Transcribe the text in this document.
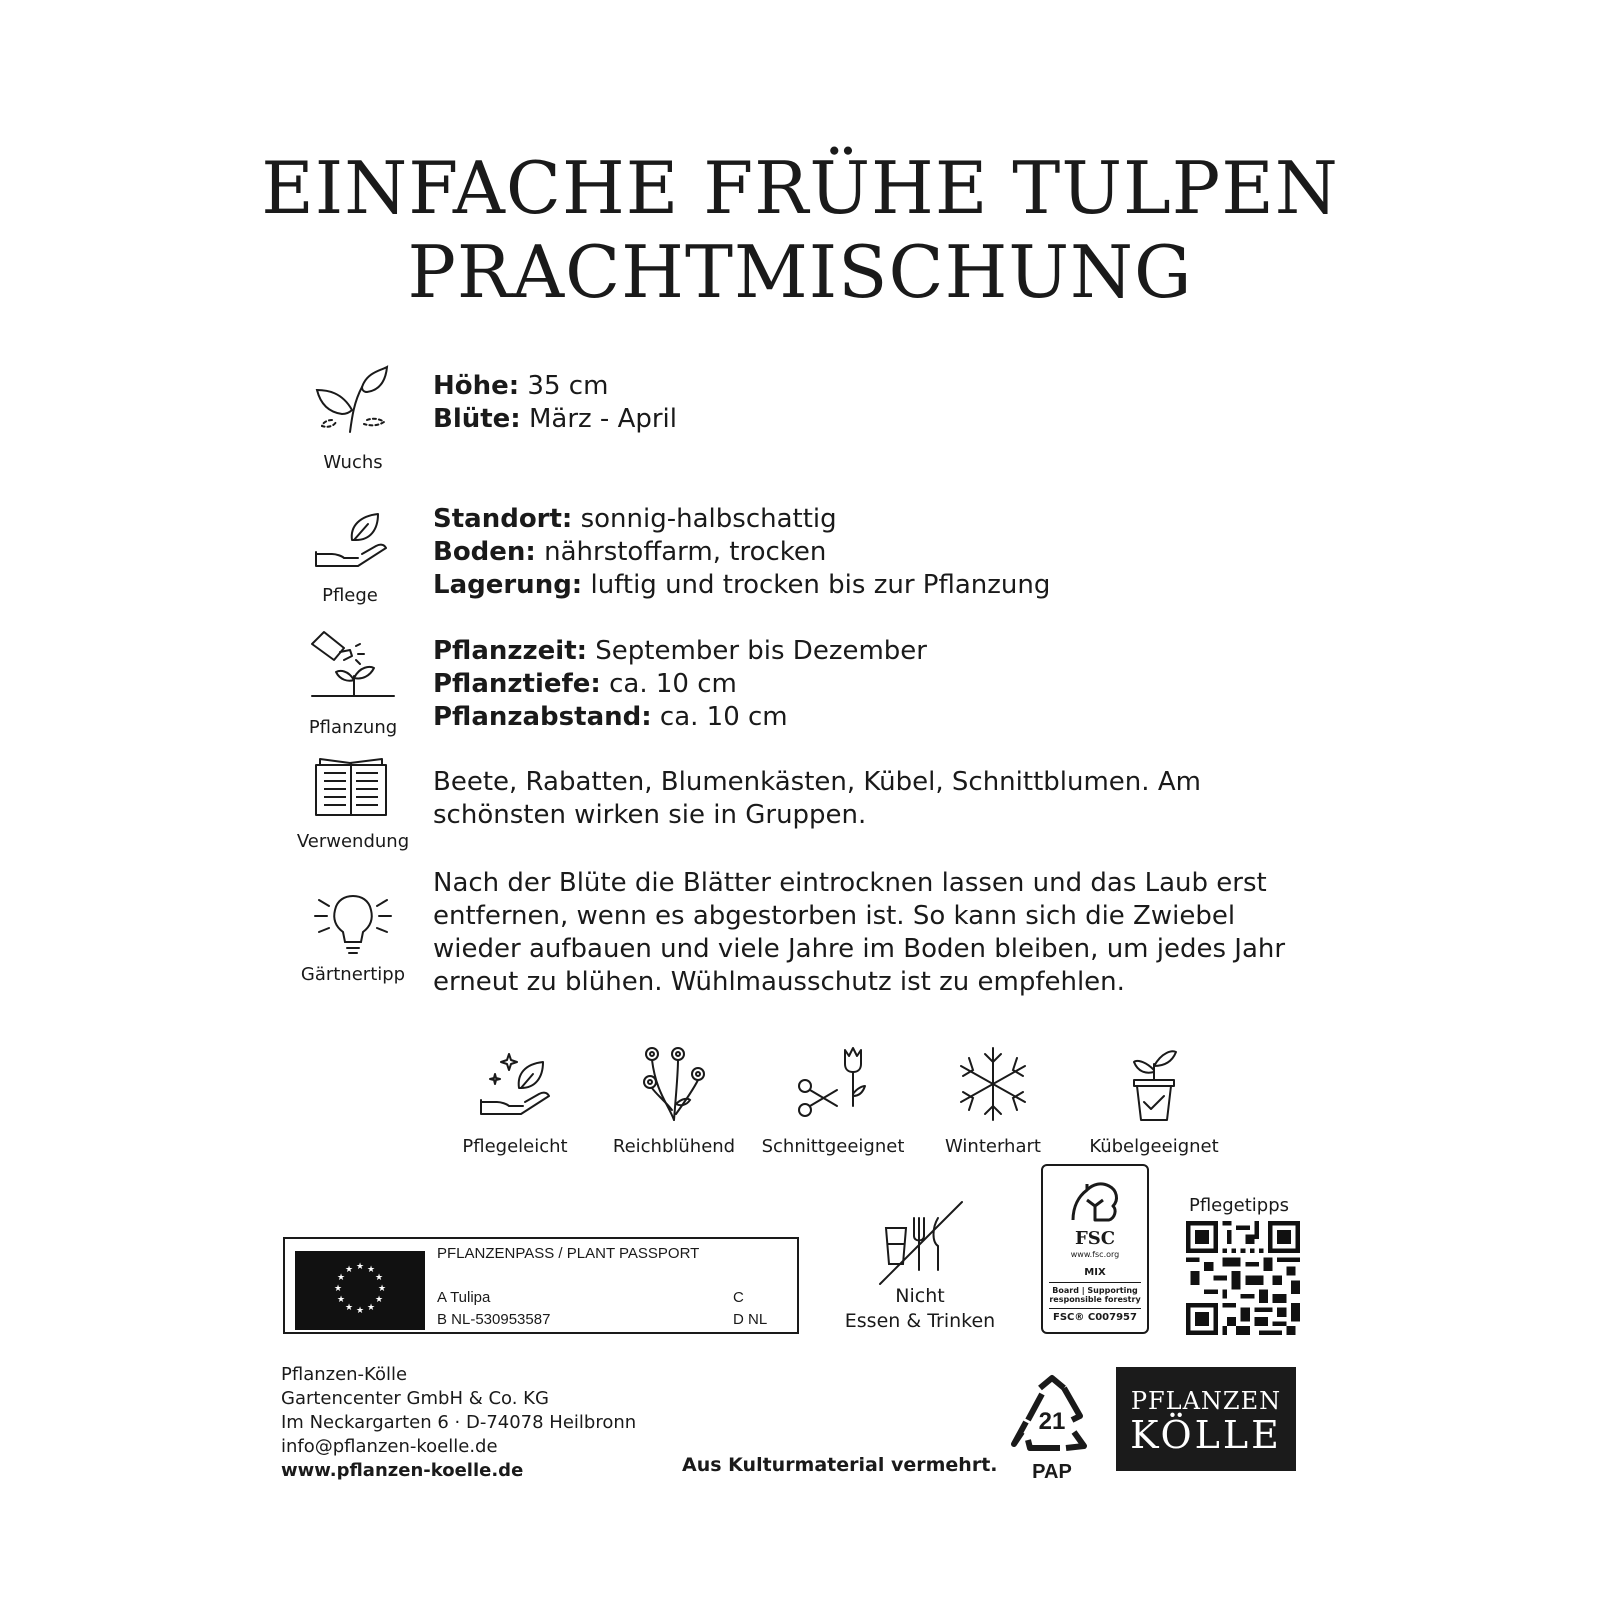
EINFACHE FRÜHE TULPEN
PRACHTMISCHUNG
Wuchs
Höhe: 35 cm
Blüte: März - April
Pflege
Standort: sonnig-halbschattig
Boden: nährstoffarm, trocken
Lagerung: luftig und trocken bis zur Pflanzung
Pflanzung
Pflanzzeit: September bis Dezember
Pflanztiefe: ca. 10 cm
Pflanzabstand: ca. 10 cm
Verwendung
Beete, Rabatten, Blumenkästen, Kübel, Schnittblumen. Am schönsten wirken sie in Gruppen.
Gärtnertipp
Nach der Blüte die Blätter eintrocknen lassen und das Laub erst entfernen, wenn es abgestorben ist. So kann sich die Zwiebel wieder aufbauen und viele Jahre im Boden bleiben, um jedes Jahr erneut zu blühen. Wühlmausschutz ist zu empfehlen.
Pflegeleicht	Reichblühend	Schnittgeeignet	Winterhart	Kübelgeeignet
★ ★
★
★
★
★
★
★
★
★
★
★
PFLANZENPASS / PLANT PASSPORT
A Tulipa
B NL-530953587
C
D NL
Nicht
Essen & Trinken
FSC
www.fsc.org
MIX
Board | Supporting
responsible forestry
FSC® C007957
Pflegetipps
Pflanzen-Kölle
Gartencenter GmbH & Co. KG
Im Neckargarten 6 · D-74078 Heilbronn
info@pflanzen-koelle.de
www.pflanzen-koelle.de	Aus Kulturmaterial vermehrt.
21
PAP
PFLANZEN
KÖLLE
